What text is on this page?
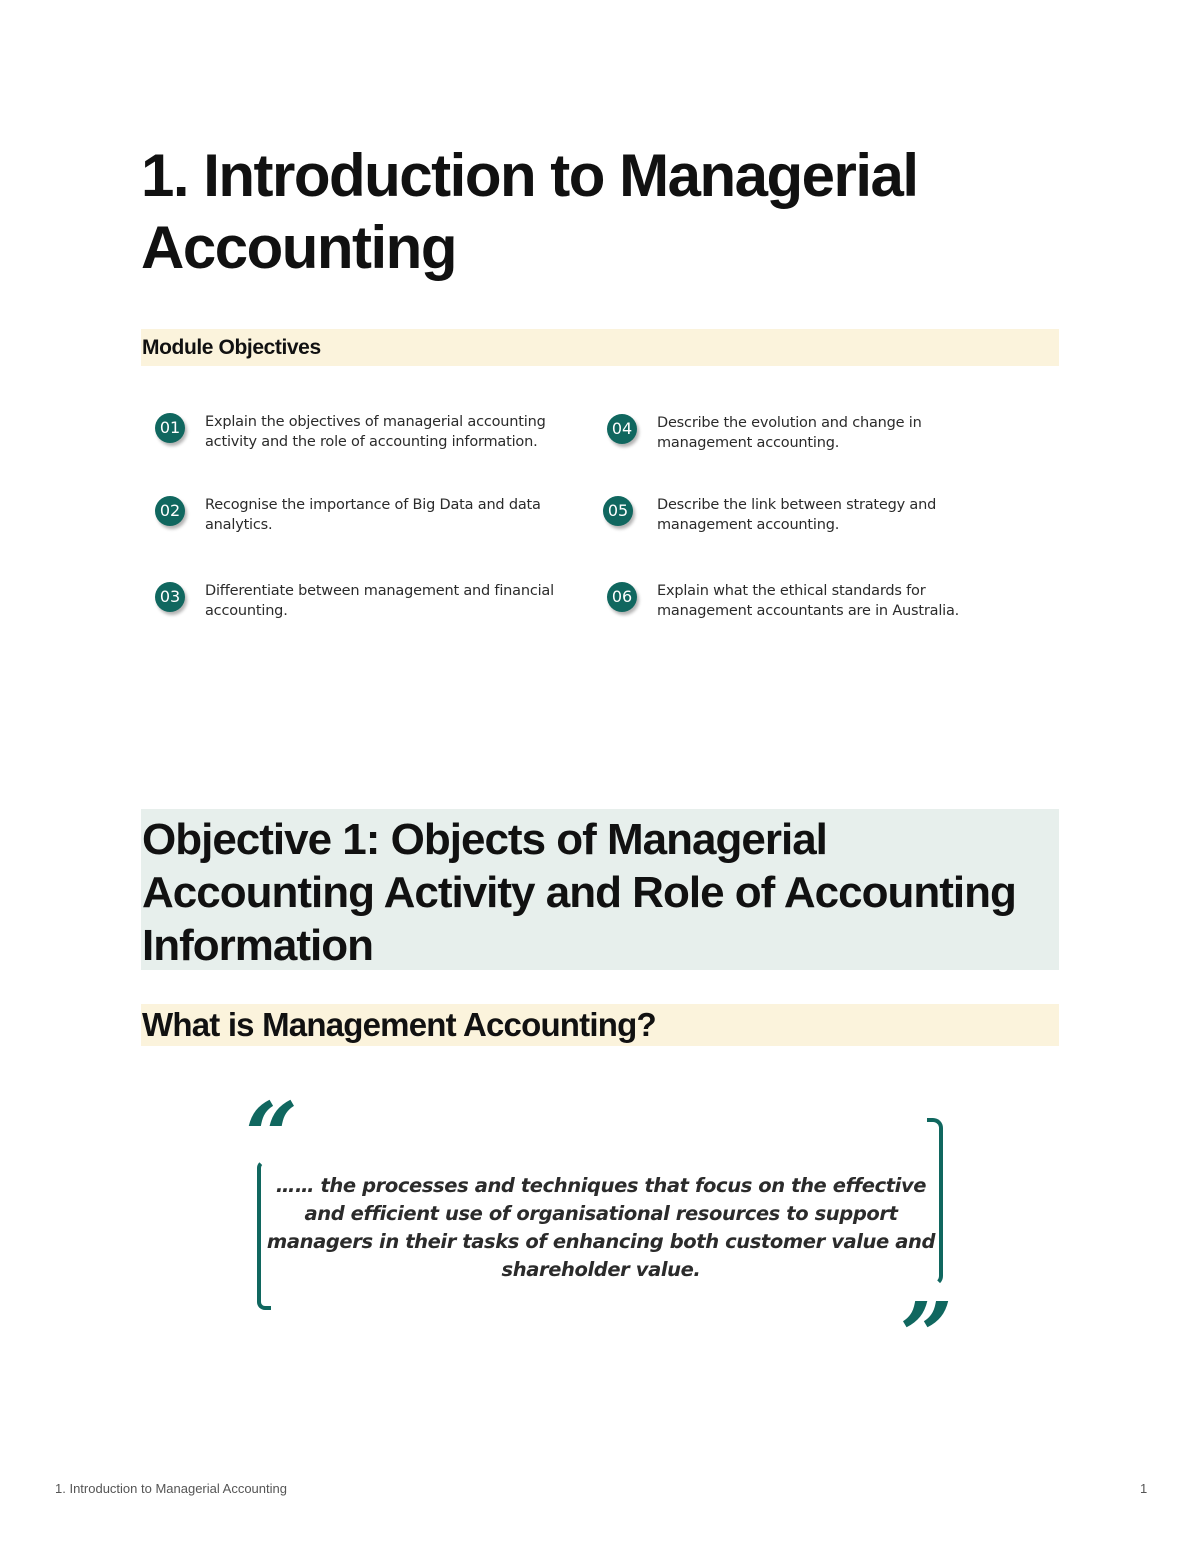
1. Introduction to Managerial Accounting
Module Objectives
01	Explain the objectives of managerial accounting activity and the role of accounting information.
02	Recognise the importance of Big Data and data analytics.
03	Differentiate between management and financial accounting.
04	Describe the evolution and change in management accounting.
05	Describe the link between strategy and management accounting.
06	Explain what the ethical standards for management accountants are in Australia.
Objective 1: Objects of Managerial Accounting Activity and Role of Accounting Information
What is Management Accounting?
“
…… the processes and techniques that focus on the effective and efficient use of organisational resources to support managers in their tasks of enhancing both customer value and shareholder value.
”
1. Introduction to Managerial Accounting	1
